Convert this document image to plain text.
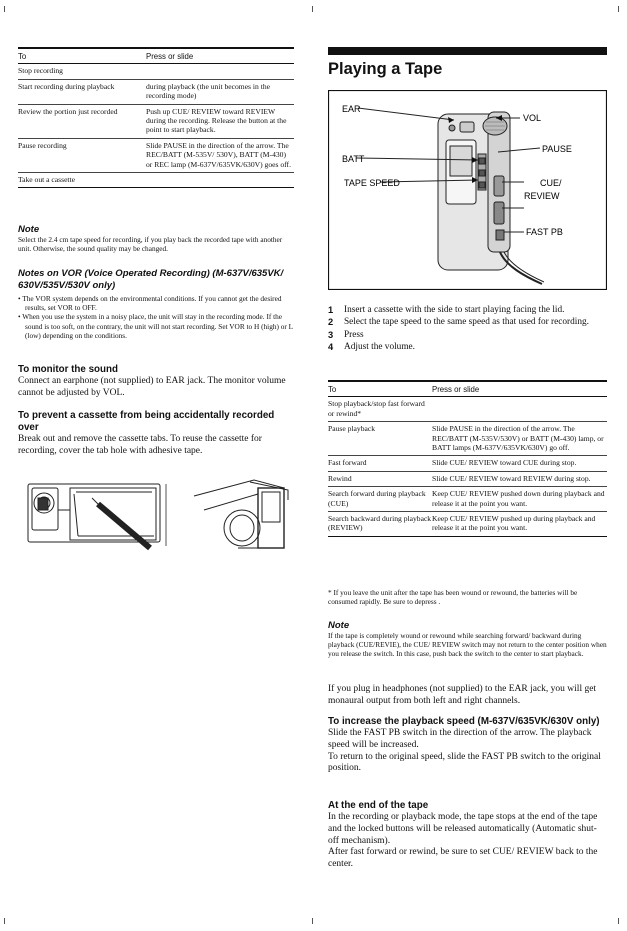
To	Press or slide
Stop recording	
Start recording during playback	during playback (the unit becomes in the recording mode)
Review the portion just recorded	Push up CUE/ REVIEW toward REVIEW during the recording. Release the button at the point to start playback.
Pause recording	Slide PAUSE in the direction of the arrow. The REC/BATT (M-535V/ 530V), BATT (M-430) or REC lamp (M-637V/635VK/630V) goes off.
Take out a cassette	
Note
Select the 2.4 cm tape speed for recording, if you play back the recorded tape with another unit. Otherwise, the sound quality may be changed.
Notes on VOR (Voice Operated Recording) (M-637V/635VK/ 630V/535V/530V only)
• The VOR system depends on the environmental conditions. If you cannot get the desired results, set VOR to OFF.
• When you use the system in a noisy place, the unit will stay in the recording mode. If the sound is too soft, on the contrary, the unit will not start recording. Set VOR to H (high) or L (low) depending on the conditions.
To monitor the sound
Connect an earphone (not supplied) to EAR jack. The monitor volume cannot be adjusted by VOL.
To prevent a cassette from being accidentally recorded over
Break out and remove the cassette tabs. To reuse the cassette for recording, cover the tab hole with adhesive tape.
Playing a Tape
EAR
BATT
TAPE SPEED
VOL
PAUSE
CUE/
REVIEW
FAST PB
1 Insert a cassette with the side to start playing facing the lid.
2 Select the tape speed to the same speed as that used for recording.
3 Press
4 Adjust the volume.
To	Press or slide
Stop playback/stop fast forward or rewind*	
Pause playback	Slide PAUSE in the direction of the arrow. The REC/BATT (M-535V/530V) or BATT (M-430) lamp, or BATT lamps (M-637V/635VK/630V) go off.
Fast forward	Slide CUE/ REVIEW toward CUE during stop.
Rewind	Slide CUE/ REVIEW toward REVIEW during stop.
Search forward during playback (CUE)	Keep CUE/ REVIEW pushed down during playback and release it at the point you want.
Search backward during playback (REVIEW)	Keep CUE/ REVIEW pushed up during playback and release it at the point you want.
* If you leave the unit after the tape has been wound or rewound, the batteries will be consumed rapidly. Be sure to depress .
Note
If the tape is completely wound or rewound while searching forward/ backward during playback (CUE/REVIE), the CUE/ REVIEW switch may not return to the center position when you release the switch. In this case, push back the switch to the center to start playback.
If you plug in headphones (not supplied) to the EAR jack, you will get monaural output from both left and right channels.
To increase the playback speed (M-637V/635VK/630V only)
Slide the FAST PB switch in the direction of the arrow. The playback speed will be increased.
To return to the original speed, slide the FAST PB switch to the original position.
At the end of the tape
In the recording or playback mode, the tape stops at the end of the tape and the locked buttons will be released automatically (Automatic shut-off mechanism).
After fast forward or rewind, be sure to set CUE/ REVIEW back to the center.
